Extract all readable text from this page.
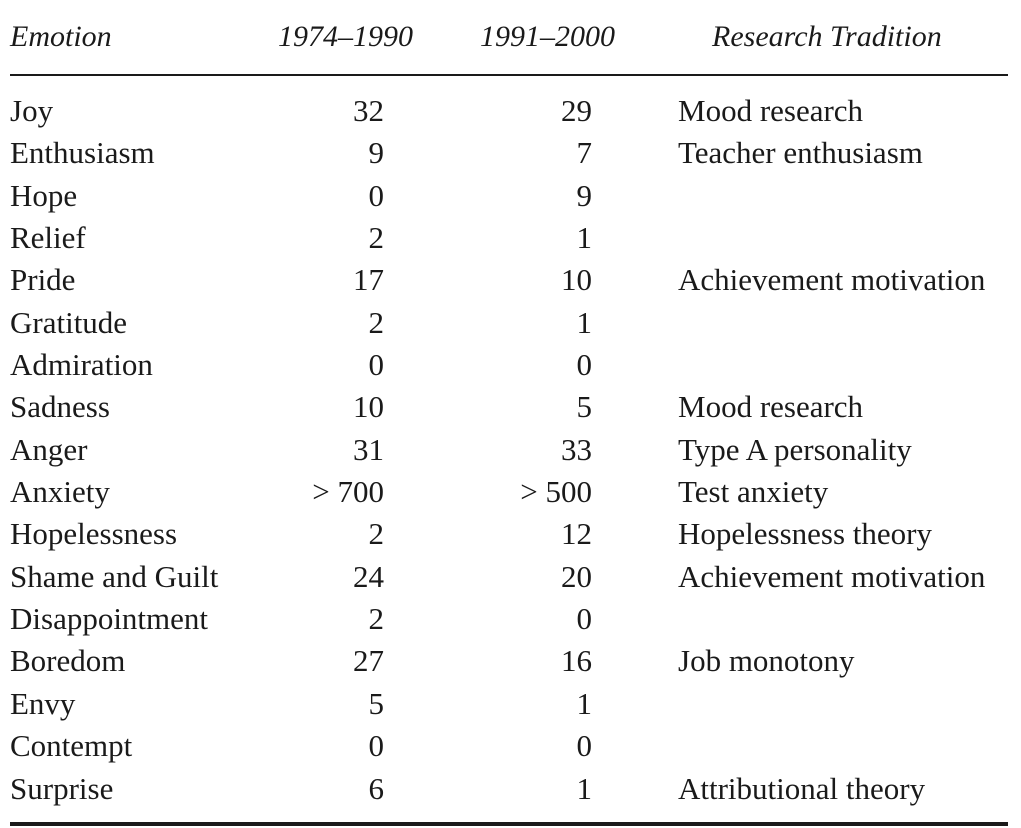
Emotion	1974–1990	1991–2000	Research Tradition
Joy	32	29	Mood research
Enthusiasm	9	7	Teacher enthusiasm
Hope	0	9
Relief	2	1
Pride	17	10	Achievement motivation
Gratitude	2	1
Admiration	0	0
Sadness	10	5	Mood research
Anger	31	33	Type A personality
Anxiety	> 700	> 500	Test anxiety
Hopelessness	2	12	Hopelessness theory
Shame and Guilt	24	20	Achievement motivation
Disappointment	2	0
Boredom	27	16	Job monotony
Envy	5	1
Contempt	0	0
Surprise	6	1	Attributional theory
